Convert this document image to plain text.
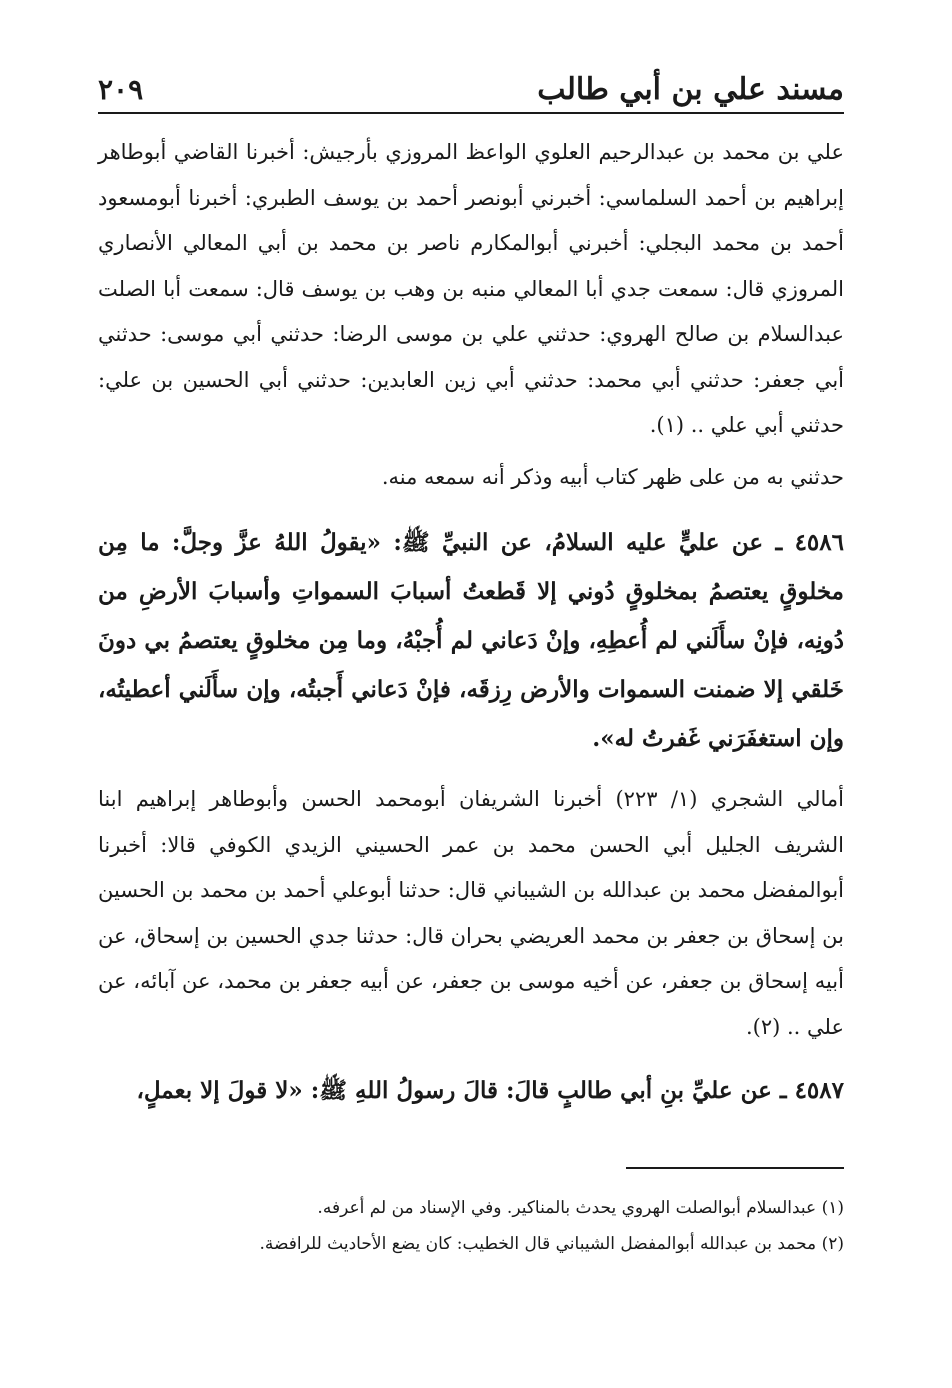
مسند علي بن أبي طالب
٢٠٩

علي بن محمد بن عبدالرحيم العلوي الواعظ المروزي بأرجيش: أخبرنا القاضي أبوطاهر إبراهيم بن أحمد السلماسي: أخبرني أبونصر أحمد بن يوسف الطبري: أخبرنا أبومسعود أحمد بن محمد البجلي: أخبرني أبوالمكارم ناصر بن محمد بن أبي المعالي الأنصاري المروزي قال: سمعت جدي أبا المعالي منبه بن وهب بن يوسف قال: سمعت أبا الصلت عبدالسلام بن صالح الهروي: حدثني علي بن موسى الرضا: حدثني أبي موسى: حدثني أبي جعفر: حدثني أبي محمد: حدثني أبي زين العابدين: حدثني أبي الحسين بن علي: حدثني أبي علي .. (١).

حدثني به من على ظهر كتاب أبيه وذكر أنه سمعه منه.

٤٥٨٦ ـ عن عليٍّ عليه السلامُ، عن النبيِّ ﷺ: «يقولُ اللهُ عزَّ وجلَّ: ما مِن مخلوقٍ يعتصمُ بمخلوقٍ دُوني إلا قَطعتُ أسبابَ السمواتِ وأسبابَ الأرضِ من دُونِه، فإنْ سأَلَني لم أُعطِهِ، وإنْ دَعاني لم أُجبْهُ، وما مِن مخلوقٍ يعتصمُ بي دونَ خَلقي إلا ضمنت السموات والأرض رِزقَه، فإنْ دَعاني أَجبتُه، وإن سأَلَني أعطيتُه، وإن استغفَرَني غَفرتُ له».

أمالي الشجري (١/ ٢٢٣) أخبرنا الشريفان أبومحمد الحسن وأبوطاهر إبراهيم ابنا الشريف الجليل أبي الحسن محمد بن عمر الحسيني الزيدي الكوفي قالا: أخبرنا أبوالمفضل محمد بن عبدالله بن الشيباني قال: حدثنا أبوعلي أحمد بن محمد بن الحسين بن إسحاق بن جعفر بن محمد العريضي بحران قال: حدثنا جدي الحسين بن إسحاق، عن أبيه إسحاق بن جعفر، عن أخيه موسى بن جعفر، عن أبيه جعفر بن محمد، عن آبائه، عن علي .. (٢).

٤٥٨٧ ـ عن عليِّ بنِ أبي طالبٍ قالَ: قالَ رسولُ اللهِ ﷺ: «لا قولَ إلا بعملٍ،

(١) عبدالسلام أبوالصلت الهروي يحدث بالمناكير. وفي الإسناد من لم أعرفه.

(٢) محمد بن عبدالله أبوالمفضل الشيباني قال الخطيب: كان يضع الأحاديث للرافضة.
